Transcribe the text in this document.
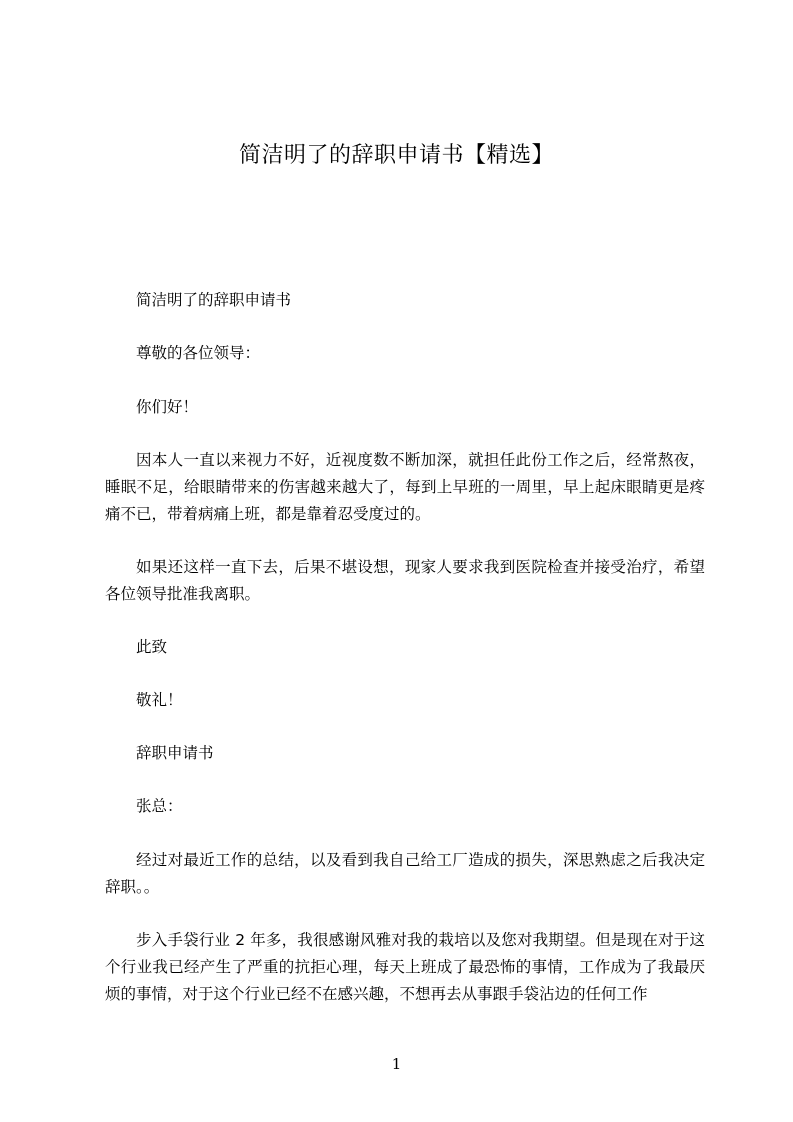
简洁明了的辞职申请书【精选】

简洁明了的辞职申请书

尊敬的各位领导：

你们好！

因本人一直以来视力不好，近视度数不断加深，就担任此份工作之后，经常熬夜，睡眠不足，给眼睛带来的伤害越来越大了，每到上早班的一周里，早上起床眼睛更是疼痛不已，带着病痛上班，都是靠着忍受度过的。

如果还这样一直下去，后果不堪设想，现家人要求我到医院检查并接受治疗，希望各位领导批准我离职。

此致

敬礼！

辞职申请书

张总：

经过对最近工作的总结，以及看到我自己给工厂造成的损失，深思熟虑之后我决定辞职。。

步入手袋行业 2 年多，我很感谢风雅对我的栽培以及您对我期望。但是现在对于这个行业我已经产生了严重的抗拒心理，每天上班成了最恐怖的事情，工作成为了我最厌烦的事情，对于这个行业已经不在感兴趣，不想再去从事跟手袋沾边的任何工作

1
